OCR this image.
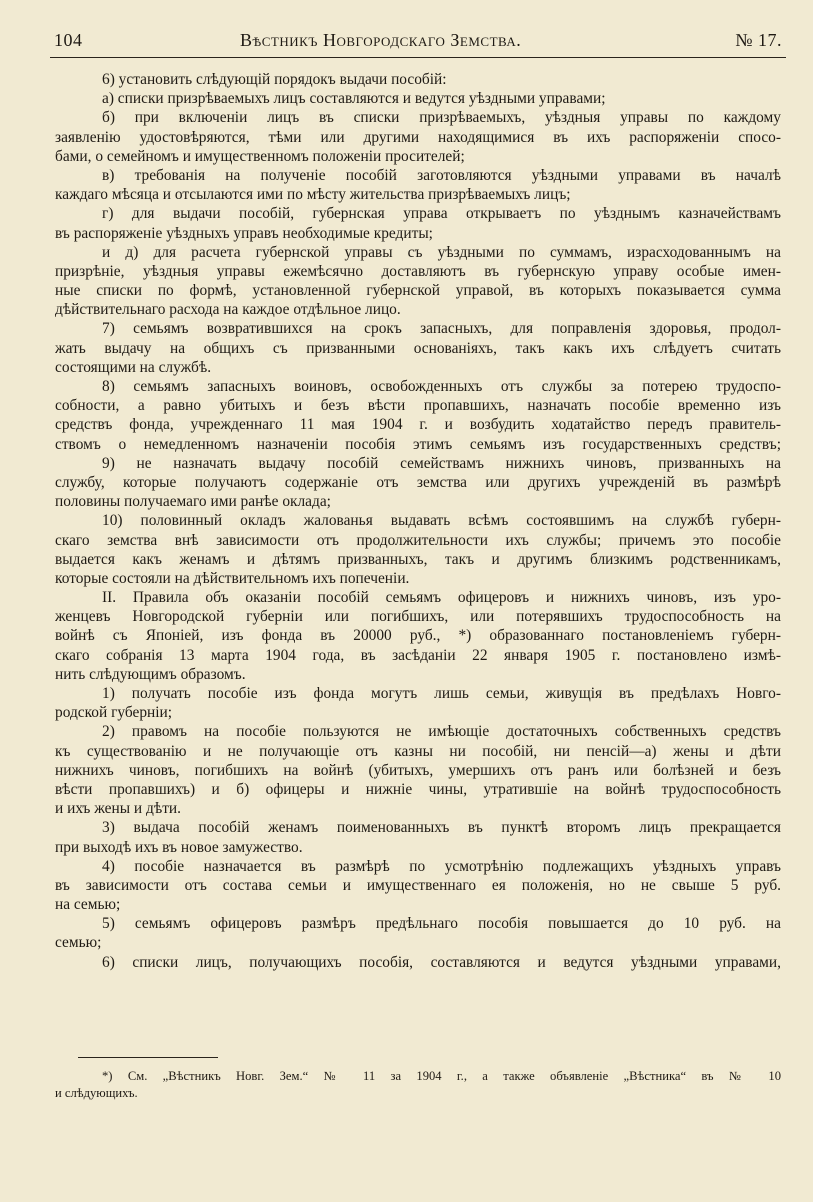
104	Вѣстникъ Новгородскаго Земства.	№ 17.
6) установить слѣдующій порядокъ выдачи пособій:
а) списки призрѣваемыхъ лицъ составляются и ведутся уѣздными управами;
б) при включеніи лицъ въ списки призрѣваемыхъ, уѣздныя управы по каждому
заявленію удостовѣряются, тѣми или другими находящимися въ ихъ распоряженіи спосо-
бами, о семейномъ и имущественномъ положеніи просителей;
в) требованія на полученіе пособій заготовляются уѣздными управами въ началѣ
каждаго мѣсяца и отсылаются ими по мѣсту жительства призрѣваемыхъ лицъ;
г) для выдачи пособій, губернская управа открываетъ по уѣзднымъ казначействамъ
въ распоряженіе уѣздныхъ управъ необходимые кредиты;
и д) для расчета губернской управы съ уѣздными по суммамъ, израсходованнымъ на
призрѣніе, уѣздныя управы ежемѣсячно доставляютъ въ губернскую управу особые имен-
ные списки по формѣ, установленной губернской управой, въ которыхъ показывается сумма
дѣйствительнаго расхода на каждое отдѣльное лицо.
7) семьямъ возвратившихся на срокъ запасныхъ, для поправленія здоровья, продол-
жать выдачу на общихъ съ призванными основаніяхъ, такъ какъ ихъ слѣдуетъ считать
состоящими на службѣ.
8) семьямъ запасныхъ воиновъ, освобожденныхъ отъ службы за потерею трудоспо-
собности, а равно убитыхъ и безъ вѣсти пропавшихъ, назначать пособіе временно изъ
средствъ фонда, учрежденнаго 11 мая 1904 г. и возбудить ходатайство передъ правитель-
ствомъ о немедленномъ назначеніи пособія этимъ семьямъ изъ государственныхъ средствъ;
9) не назначать выдачу пособій семействамъ нижнихъ чиновъ, призванныхъ на
службу, которые получаютъ содержаніе отъ земства или другихъ учрежденій въ размѣрѣ
половины получаемаго ими ранѣе оклада;
10) половинный окладъ жалованья выдавать всѣмъ состоявшимъ на службѣ губерн-
скаго земства внѣ зависимости отъ продолжительности ихъ службы; причемъ это пособіе
выдается какъ женамъ и дѣтямъ призванныхъ, такъ и другимъ близкимъ родственникамъ,
которые состояли на дѣйствительномъ ихъ попеченіи.
II. Правила объ оказаніи пособій семьямъ офицеровъ и нижнихъ чиновъ, изъ уро-
женцевъ Новгородской губерніи или погибшихъ, или потерявшихъ трудоспособность на
войнѣ съ Японіей, изъ фонда въ 20000 руб., *) образованнаго постановленіемъ губерн-
скаго собранія 13 марта 1904 года, въ засѣданіи 22 января 1905 г. постановлено измѣ-
нить слѣдующимъ образомъ.
1) получать пособіе изъ фонда могутъ лишь семьи, живущія въ предѣлахъ Новго-
родской губерніи;
2) правомъ на пособіе пользуются не имѣющіе достаточныхъ собственныхъ средствъ
къ существованію и не получающіе отъ казны ни пособій, ни пенсій—а) жены и дѣти
нижнихъ чиновъ, погибшихъ на войнѣ (убитыхъ, умершихъ отъ ранъ или болѣзней и безъ
вѣсти пропавшихъ) и б) офицеры и нижніе чины, утратившіе на войнѣ трудоспособность
и ихъ жены и дѣти.
3) выдача пособій женамъ поименованныхъ въ пунктѣ второмъ лицъ прекращается
при выходѣ ихъ въ новое замужество.
4) пособіе назначается въ размѣрѣ по усмотрѣнію подлежащихъ уѣздныхъ управъ
въ зависимости отъ состава семьи и имущественнаго ея положенія, но не свыше 5 руб.
на семью;
5) семьямъ офицеровъ размѣръ предѣльнаго пособія повышается до 10 руб. на
семью;
6) списки лицъ, получающихъ пособія, составляются и ведутся уѣздными управами,
*) См. „Вѣстникъ Новг. Зем.“ № 11 за 1904 г., а также объявленіе „Вѣстника“ въ № 10
и слѣдующихъ.
